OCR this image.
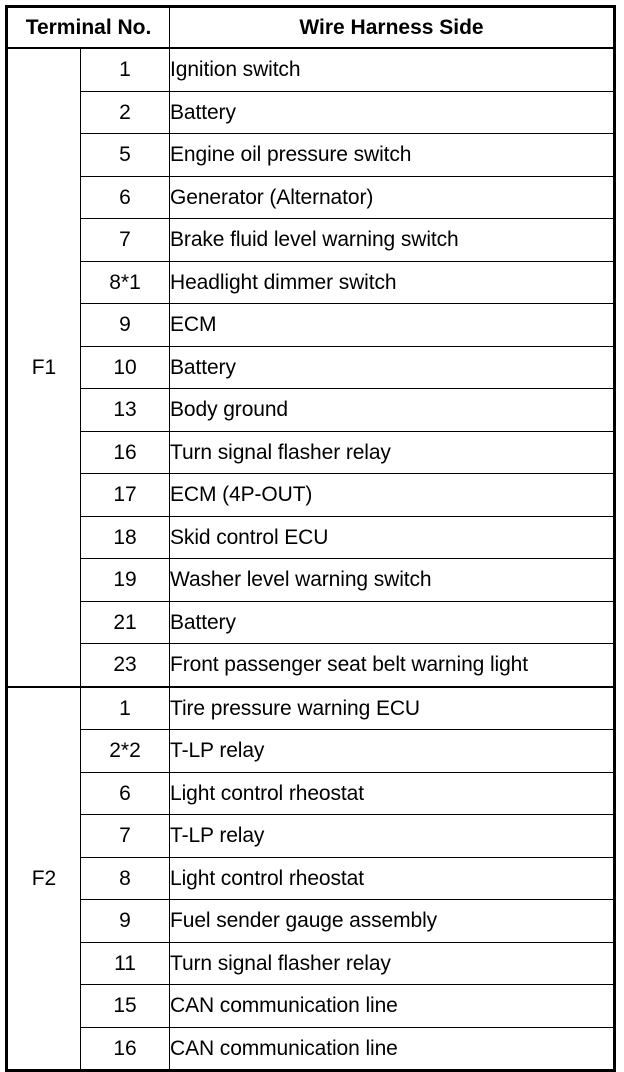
Terminal No.		Wire Harness Side
F1	1	Ignition switch
	2	Battery
	5	Engine oil pressure switch
	6	Generator (Alternator)
	7	Brake fluid level warning switch
	8*1	Headlight dimmer switch
	9	ECM
	10	Battery
	13	Body ground
	16	Turn signal flasher relay
	17	ECM (4P-OUT)
	18	Skid control ECU
	19	Washer level warning switch
	21	Battery
	23	Front passenger seat belt warning light
F2	1	Tire pressure warning ECU
	2*2	T-LP relay
	6	Light control rheostat
	7	T-LP relay
	8	Light control rheostat
	9	Fuel sender gauge assembly
	11	Turn signal flasher relay
	15	CAN communication line
	16	CAN communication line
